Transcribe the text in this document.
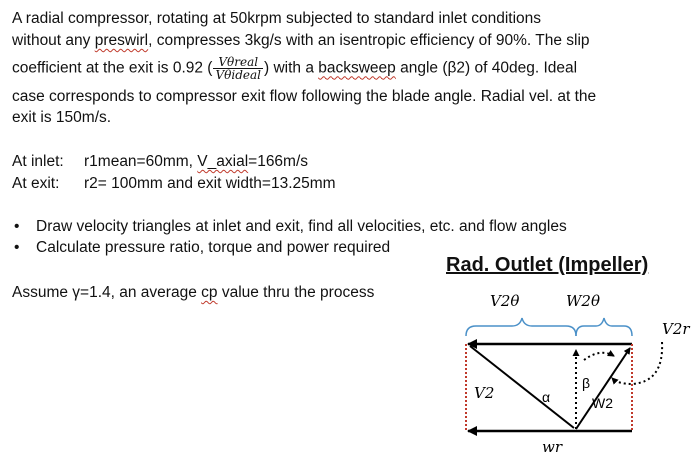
A radial compressor, rotating at 50krpm subjected to standard inlet conditions
without any preswirl, compresses 3kg/s with an isentropic efficiency of 90%. The slip
coefficient at the exit is 0.92 ( $\frac{\text{Vθreal}}{\text{Vθideal}}$ ) with a backsweep angle (β2) of 40deg. Ideal
case corresponds to compressor exit flow following the blade angle. Radial vel. at the
exit is 150m/s.
At inlet: r1mean=60mm, V_axial=166m/s
At exit: r2= 100mm and exit width=13.25mm
• Draw velocity triangles at inlet and exit, find all velocities, etc. and flow angles
• Calculate pressure ratio, torque and power required
Assume γ=1.4, an average cp value thru the process
Rad. Outlet (Impeller)
V2θ	W2θ
V2r
V2	α
β
W2
wr
